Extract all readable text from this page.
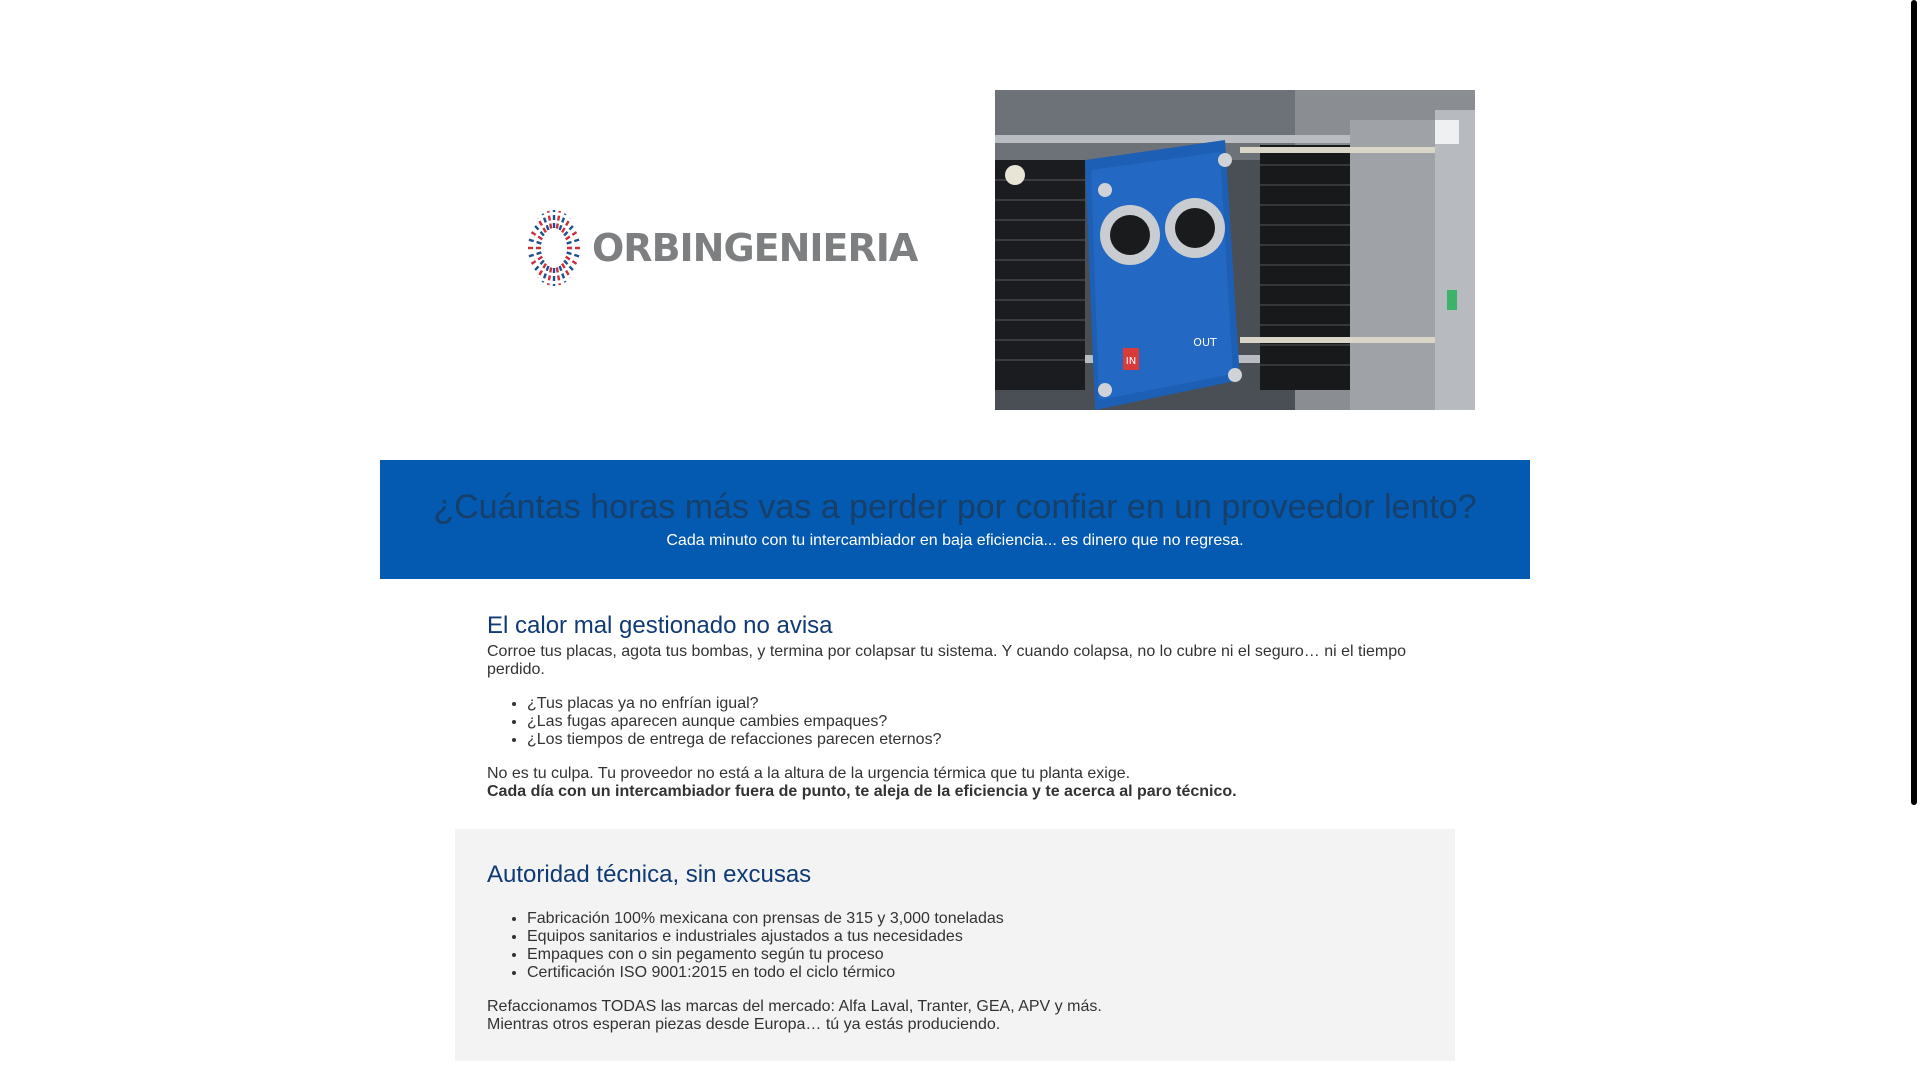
ORBINGENIERIA
IN
OUT
¿Cuántas horas más vas a perder por confiar en un proveedor lento?
Cada minuto con tu intercambiador en baja eficiencia... es dinero que no regresa.
El calor mal gestionado no avisa

Corroe tus placas, agota tus bombas, y termina por colapsar tu sistema. Y cuando colapsa, no lo cubre ni el seguro… ni el tiempo perdido.

• ¿Tus placas ya no enfrían igual?
• ¿Las fugas aparecen aunque cambies empaques?
• ¿Los tiempos de entrega de refacciones parecen eternos?

No es tu culpa. Tu proveedor no está a la altura de la urgencia térmica que tu planta exige.

Cada día con un intercambiador fuera de punto, te aleja de la eficiencia y te acerca al paro técnico.

Autoridad técnica, sin excusas
• Fabricación 100% mexicana con prensas de 315 y 3,000 toneladas
• Equipos sanitarios e industriales ajustados a tus necesidades
• Empaques con o sin pegamento según tu proceso
• Certificación ISO 9001:2015 en todo el ciclo térmico

Refaccionamos TODAS las marcas del mercado: Alfa Laval, Tranter, GEA, APV y más.

Mientras otros esperan piezas desde Europa… tú ya estás produciendo.
